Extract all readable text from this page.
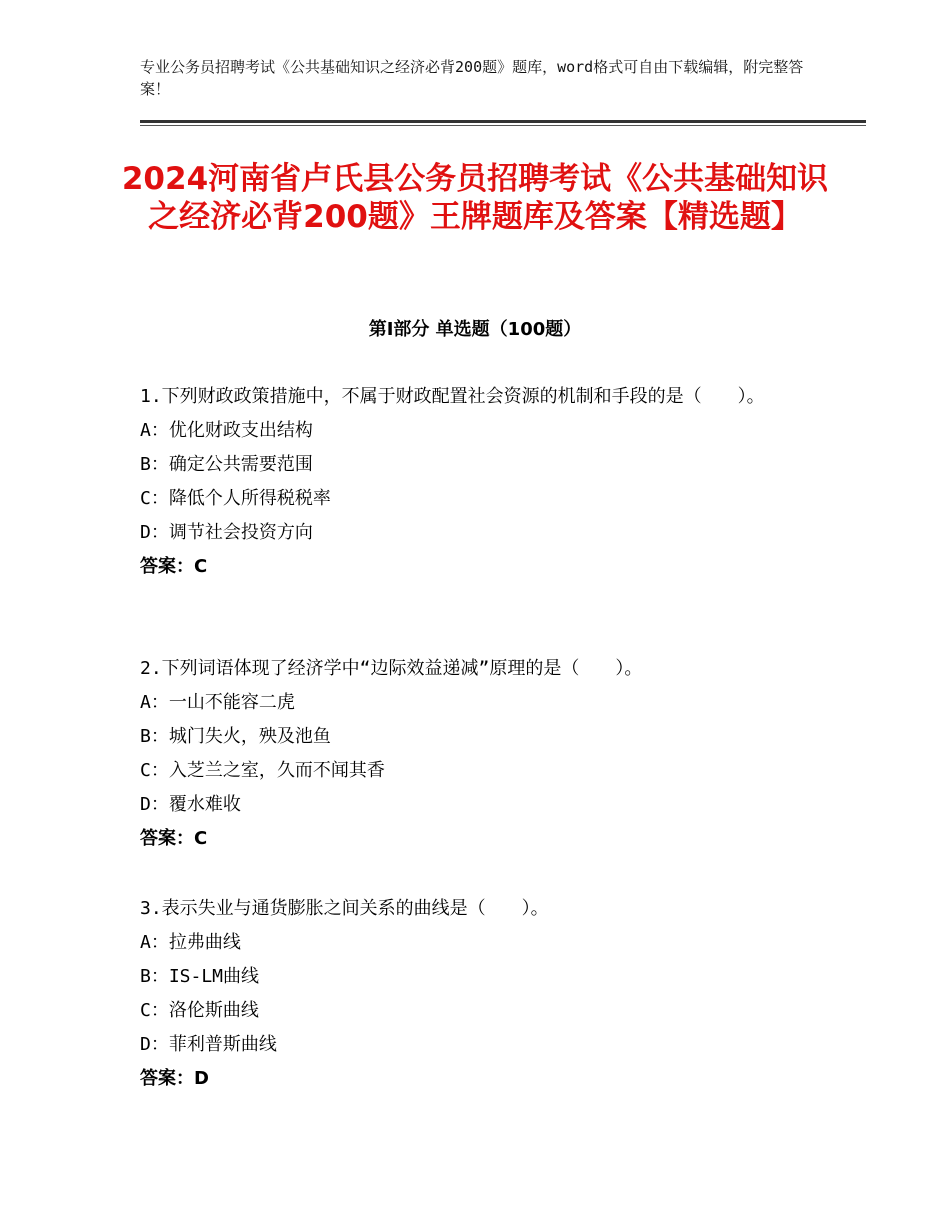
专业公务员招聘考试《公共基础知识之经济必背200题》题库，word格式可自由下载编辑，附完整答案！
2024河南省卢氏县公务员招聘考试《公共基础知识之经济必背200题》王牌题库及答案【精选题】
第I部分 单选题（100题）

1.下列财政政策措施中，不属于财政配置社会资源的机制和手段的是（　　）。

A：优化财政支出结构

B：确定公共需要范围

C：降低个人所得税税率

D：调节社会投资方向

答案：C

2.下列词语体现了经济学中“边际效益递减”原理的是（　　）。

A：一山不能容二虎

B：城门失火，殃及池鱼

C：入芝兰之室，久而不闻其香

D：覆水难收

答案：C

3.表示失业与通货膨胀之间关系的曲线是（　　）。

A：拉弗曲线

B：IS-LM曲线

C：洛伦斯曲线

D：菲利普斯曲线

答案：D
